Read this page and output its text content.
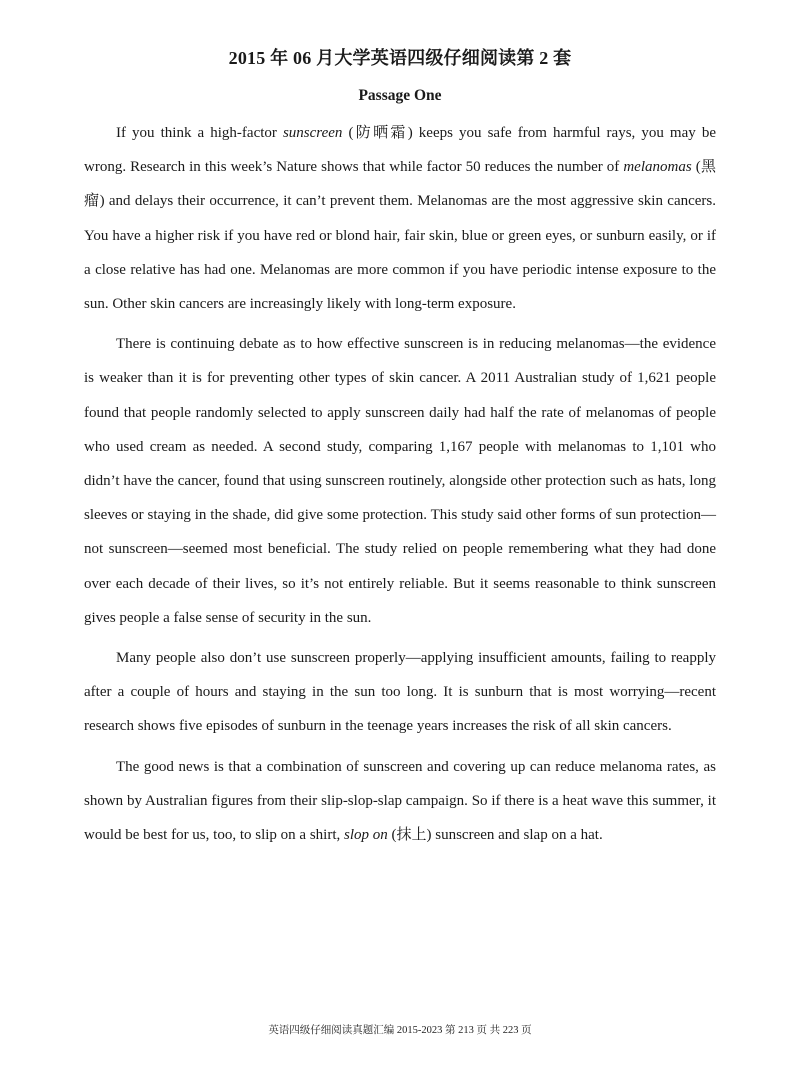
2015 年 06 月大学英语四级仔细阅读第 2 套
Passage One

If you think a high-factor sunscreen (防晒霜) keeps you safe from harmful rays, you may be wrong. Research in this week’s Nature shows that while factor 50 reduces the number of melanomas (黑瘤) and delays their occurrence, it can’t prevent them. Melanomas are the most aggressive skin cancers. You have a higher risk if you have red or blond hair, fair skin, blue or green eyes, or sunburn easily, or if a close relative has had one. Melanomas are more common if you have periodic intense exposure to the sun. Other skin cancers are increasingly likely with long-term exposure.

There is continuing debate as to how effective sunscreen is in reducing melanomas—the evidence is weaker than it is for preventing other types of skin cancer. A 2011 Australian study of 1,621 people found that people randomly selected to apply sunscreen daily had half the rate of melanomas of people who used cream as needed. A second study, comparing 1,167 people with melanomas to 1,101 who didn’t have the cancer, found that using sunscreen routinely, alongside other protection such as hats, long sleeves or staying in the shade, did give some protection. This study said other forms of sun protection—not sunscreen—seemed most beneficial. The study relied on people remembering what they had done over each decade of their lives, so it’s not entirely reliable. But it seems reasonable to think sunscreen gives people a false sense of security in the sun.

Many people also don’t use sunscreen properly—applying insufficient amounts, failing to reapply after a couple of hours and staying in the sun too long. It is sunburn that is most worrying—recent research shows five episodes of sunburn in the teenage years increases the risk of all skin cancers.

The good news is that a combination of sunscreen and covering up can reduce melanoma rates, as shown by Australian figures from their slip-slop-slap campaign. So if there is a heat wave this summer, it would be best for us, too, to slip on a shirt, slop on (抹上) sunscreen and slap on a hat.

英语四级仔细阅读真题汇编 2015-2023 第 213 页 共 223 页
